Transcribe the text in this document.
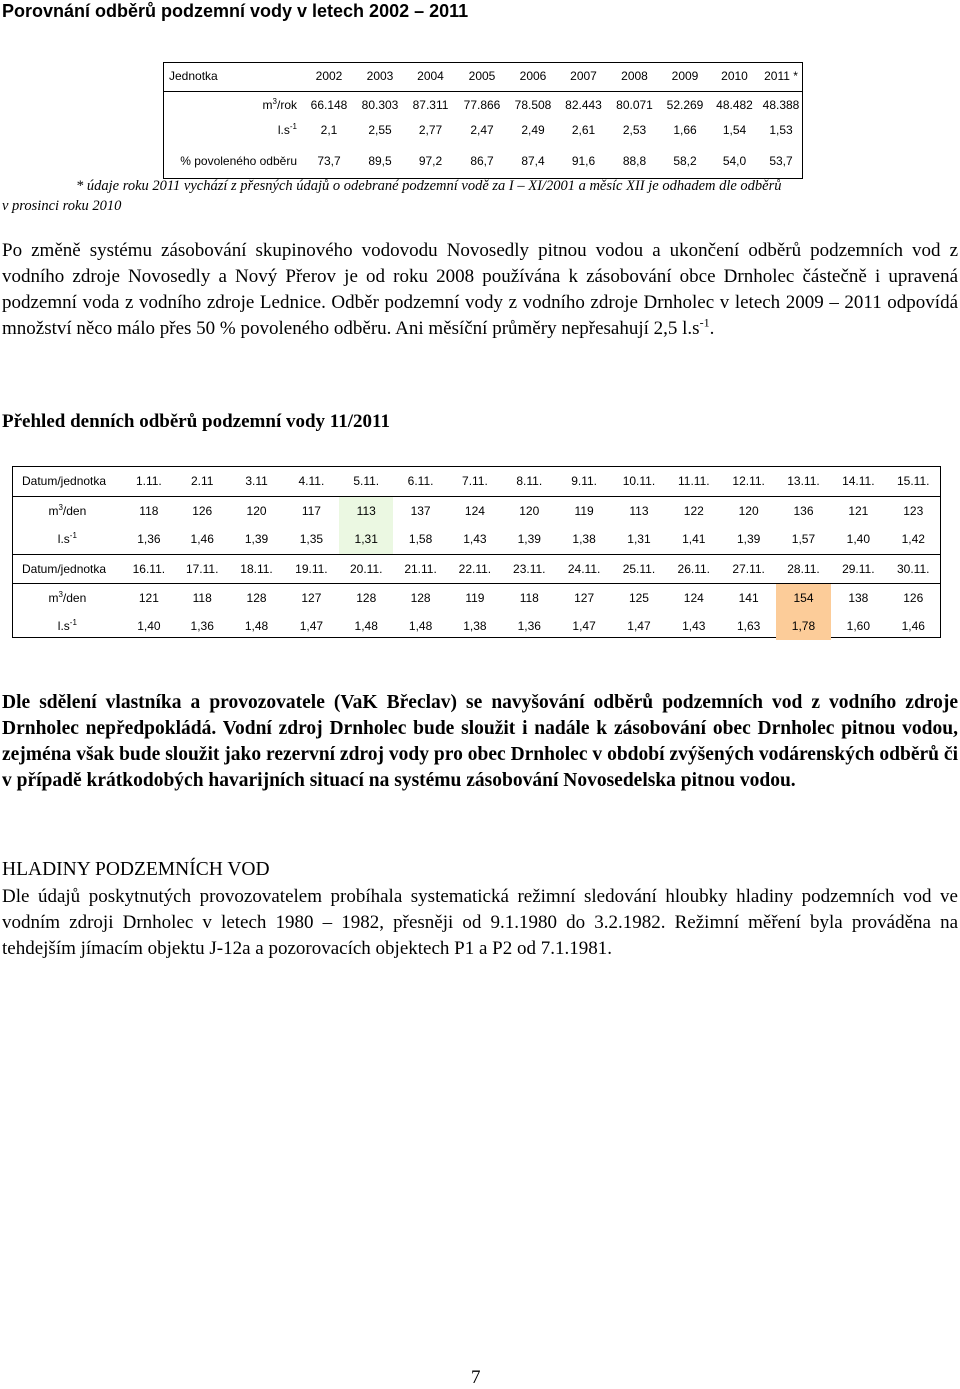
Porovnání odběrů podzemní vody v letech 2002 – 2011
Jednotka	2002	2003	2004	2005	2006	2007	2008	2009	2010	2011 *
$m^3$/rok	66.148	80.303	87.311	77.866	78.508	82.443	80.071	52.269	48.482	48.388
$l.s^{-1}$	2,1	2,55	2,77	2,47	2,49	2,61	2,53	1,66	1,54	1,53
% povoleného odběru	73,7	89,5	97,2	86,7	87,4	91,6	88,8	58,2	54,0	53,7
* údaje roku 2011 vychází z přesných údajů o odebrané podzemní vodě za I – XI/2001 a měsíc XII je odhadem dle odběrů
v prosinci roku 2010
Po změně systému zásobování skupinového vodovodu Novosedly pitnou vodou a ukončení odběrů podzemních vod z vodního zdroje Novosedly a Nový Přerov je od roku 2008 používána k zásobování obce Drnholec částečně i upravená podzemní voda z vodního zdroje Lednice. Odběr podzemní vody z vodního zdroje Drnholec v letech 2009 – 2011 odpovídá množství něco málo přes 50 % povoleného odběru. Ani měsíční průměry nepřesahují 2,5 $l.s^{-1}$.
Přehled denních odběrů podzemní vody 11/2011
Datum/jednotka	1.11.	2.11	3.11	4.11.	5.11.	6.11.	7.11.	8.11.	9.11.	10.11.	11.11.	12.11.	13.11.	14.11.	15.11.
$m^3$/den	118	126	120	117	113	137	124	120	119	113	122	120	136	121	123
$l.s^{-1}$	1,36	1,46	1,39	1,35	1,31	1,58	1,43	1,39	1,38	1,31	1,41	1,39	1,57	1,40	1,42
Datum/jednotka	16.11.	17.11.	18.11.	19.11.	20.11.	21.11.	22.11.	23.11.	24.11.	25.11.	26.11.	27.11.	28.11.	29.11.	30.11.
$m^3$/den	121	118	128	127	128	128	119	118	127	125	124	141	154	138	126
$l.s^{-1}$	1,40	1,36	1,48	1,47	1,48	1,48	1,38	1,36	1,47	1,47	1,43	1,63	1,78	1,60	1,46
Dle sdělení vlastníka a provozovatele (VaK Břeclav) se navyšování odběrů podzemních vod z vodního zdroje Drnholec nepředpokládá. Vodní zdroj Drnholec bude sloužit i nadále k zásobování obec Drnholec pitnou vodou, zejména však bude sloužit jako rezervní zdroj vody pro obec Drnholec v období zvýšených vodárenských odběrů či v případě krátkodobých havarijních situací na systému zásobování Novosedelska pitnou vodou.
HLADINY PODZEMNÍCH VOD
Dle údajů poskytnutých provozovatelem probíhala systematická režimní sledování hloubky hladiny podzemních vod ve vodním zdroji Drnholec v letech 1980 – 1982, přesněji od 9.1.1980 do 3.2.1982. Režimní měření byla prováděna na tehdejším jímacím objektu J-12a a pozorovacích objektech P1 a P2 od 7.1.1981.
7
